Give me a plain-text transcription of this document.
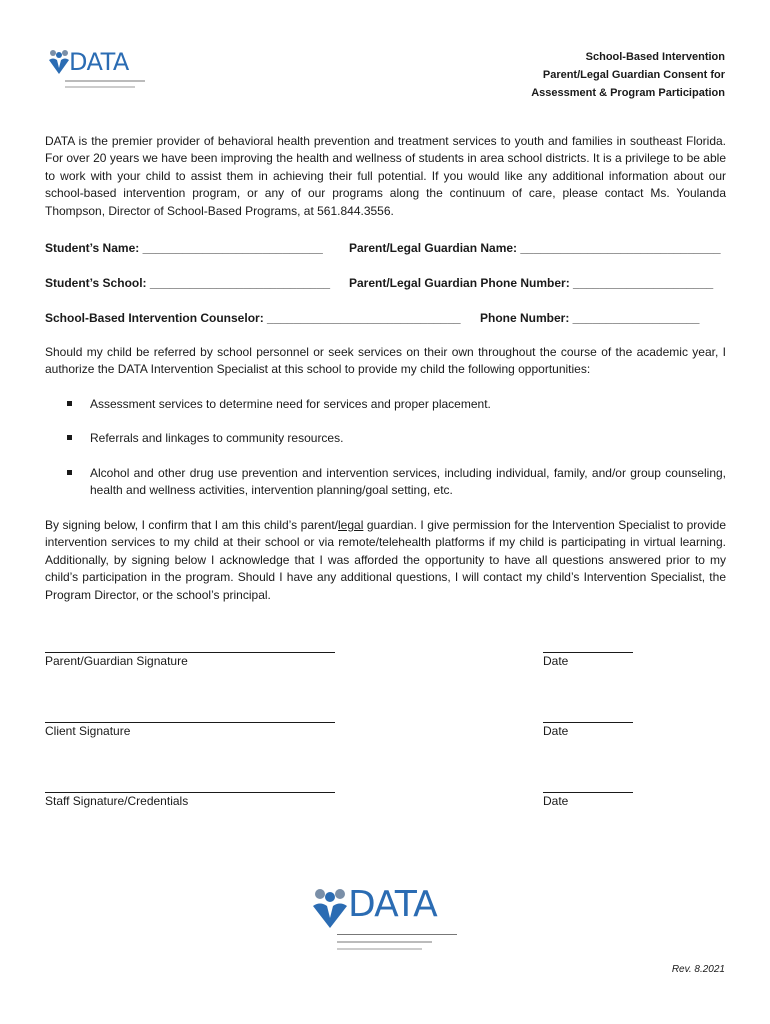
DATA	School-Based Intervention
Parent/Legal Guardian Consent for
Assessment & Program Participation
DATA is the premier provider of behavioral health prevention and treatment services to youth and families in southeast Florida. For over 20 years we have been improving the health and wellness of students in area school districts. It is a privilege to be able to work with your child to assist them in achieving their full potential. If you would like any additional information about our school-based intervention program, or any of our programs along the continuum of care, please contact Ms. Youlanda Thompson, Director of School-Based Programs, at 561.844.3556.
Student’s Name: ___________________________ Parent/Legal Guardian Name: ______________________________
Student’s School: ___________________________ Parent/Legal Guardian Phone Number: _____________________
School-Based Intervention Counselor: _____________________________ Phone Number: ___________________
Should my child be referred by school personnel or seek services on their own throughout the course of the academic year, I authorize the DATA Intervention Specialist at this school to provide my child the following opportunities:
Assessment services to determine need for services and proper placement.
Referrals and linkages to community resources.
Alcohol and other drug use prevention and intervention services, including individual, family, and/or group counseling, health and wellness activities, intervention planning/goal setting, etc.
By signing below, I confirm that I am this child’s parent/legal guardian. I give permission for the Intervention Specialist to provide intervention services to my child at their school or via remote/telehealth platforms if my child is participating in virtual learning. Additionally, by signing below I acknowledge that I was afforded the opportunity to have all questions answered prior to my child’s participation in the program. Should I have any additional questions, I will contact my child’s Intervention Specialist, the Program Director, or the school’s principal.
Parent/Guardian Signature	Date
Client Signature	Date
Staff Signature/Credentials	Date
DATA
Rev. 8.2021
